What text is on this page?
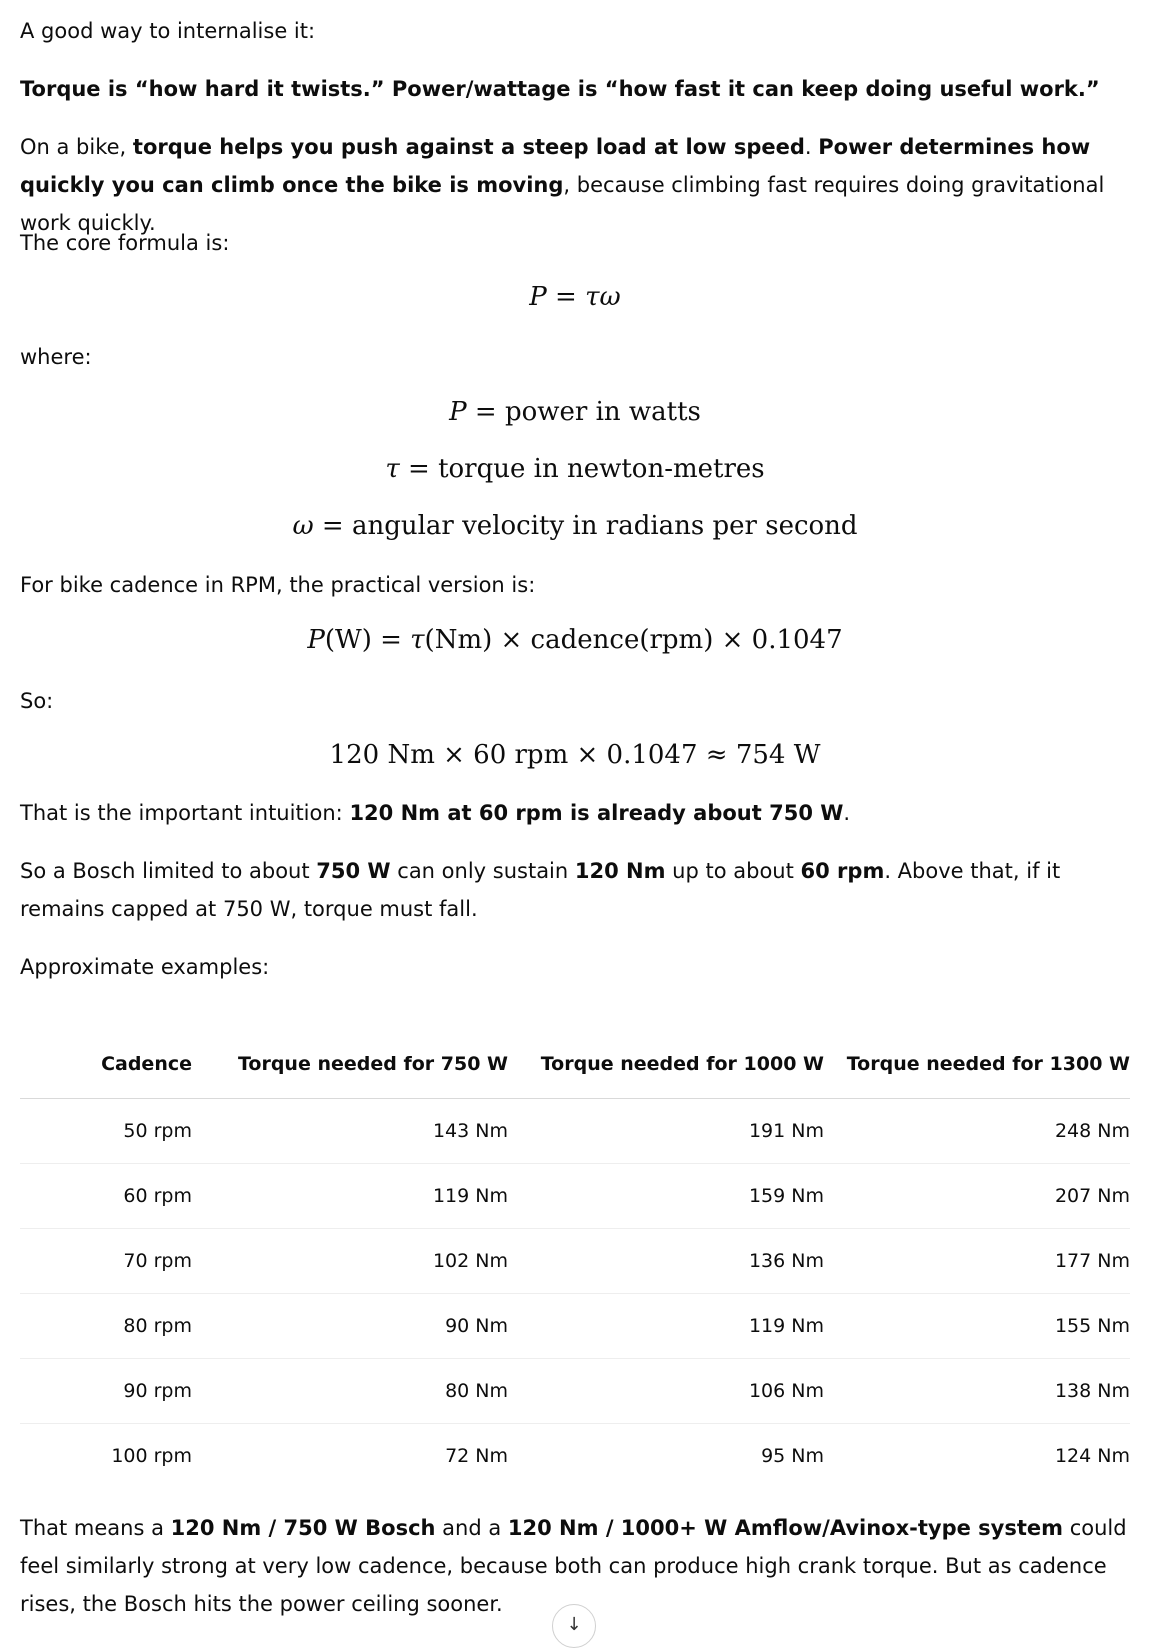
A good way to internalise it:

Torque is “how hard it twists.” Power/wattage is “how fast it can keep doing useful work.”

On a bike, torque helps you push against a steep load at low speed. Power determines how quickly you can climb once the bike is moving, because climbing fast requires doing gravitational work quickly.

The core formula is:

P = τω

where:

P = power in watts
τ = torque in newton-metres
ω = angular velocity in radians per second

For bike cadence in RPM, the practical version is:

P(W) = τ(Nm) × cadence(rpm) × 0.1047

So:

120 Nm × 60 rpm × 0.1047 ≈ 754 W

That is the important intuition: 120 Nm at 60 rpm is already about 750 W.

So a Bosch limited to about 750 W can only sustain 120 Nm up to about 60 rpm. Above that, if it remains capped at 750 W, torque must fall.

Approximate examples:

Cadence	Torque needed for 750 W	Torque needed for 1000 W	Torque needed for 1300 W
50 rpm	143 Nm	191 Nm	248 Nm
60 rpm	119 Nm	159 Nm	207 Nm
70 rpm	102 Nm	136 Nm	177 Nm
80 rpm	90 Nm	119 Nm	155 Nm
90 rpm	80 Nm	106 Nm	138 Nm
100 rpm	72 Nm	95 Nm	124 Nm

That means a 120 Nm / 750 W Bosch and a 120 Nm / 1000+ W Amflow/Avinox-type system could feel similarly strong at very low cadence, because both can produce high crank torque. But as cadence rises, the Bosch hits the power ceiling sooner.

↓
